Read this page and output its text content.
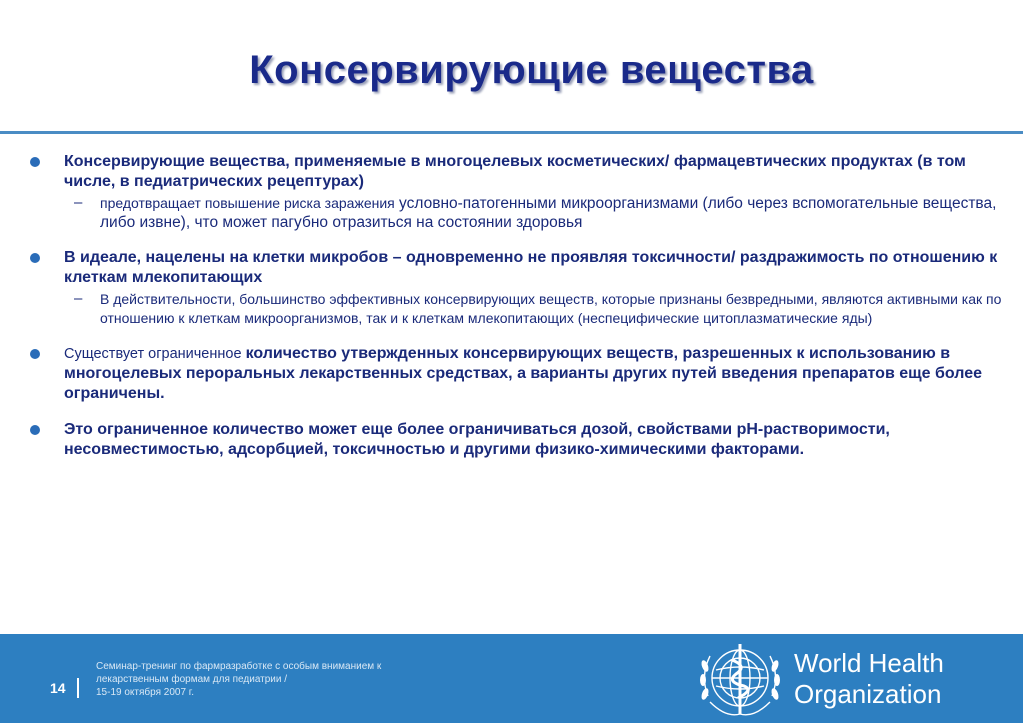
Консервирующие вещества
Консервирующие вещества, применяемые в многоцелевых косметических/ фармацевтических продуктах (в том числе, в педиатрических рецептурах)
– предотвращает повышение риска заражения условно-патогенными микроорганизмами (либо через вспомогательные вещества, либо извне), что может пагубно отразиться на состоянии здоровья
В идеале, нацелены на клетки микробов – одновременно не проявляя токсичности/ раздражимость по отношению к клеткам млекопитающих
– В действительности, большинство эффективных консервирующих веществ, которые признаны безвредными, являются активными как по отношению к клеткам микроорганизмов, так и к клеткам млекопитающих (неспецифические цитоплазматические яды)
Существует ограниченное количество утвержденных консервирующих веществ, разрешенных к использованию в многоцелевых пероральных лекарственных средствах, а варианты других путей введения препаратов еще более ограничены.
Это ограниченное количество может еще более ограничиваться дозой, свойствами pH-растворимости, несовместимостью, адсорбцией, токсичностью и другими физико-химическими факторами.
14
Семинар-тренинг по фармразработке с особым вниманием к
лекарственным формам для педиатрии /
15-19 октября 2007 г.
World Health
Organization
